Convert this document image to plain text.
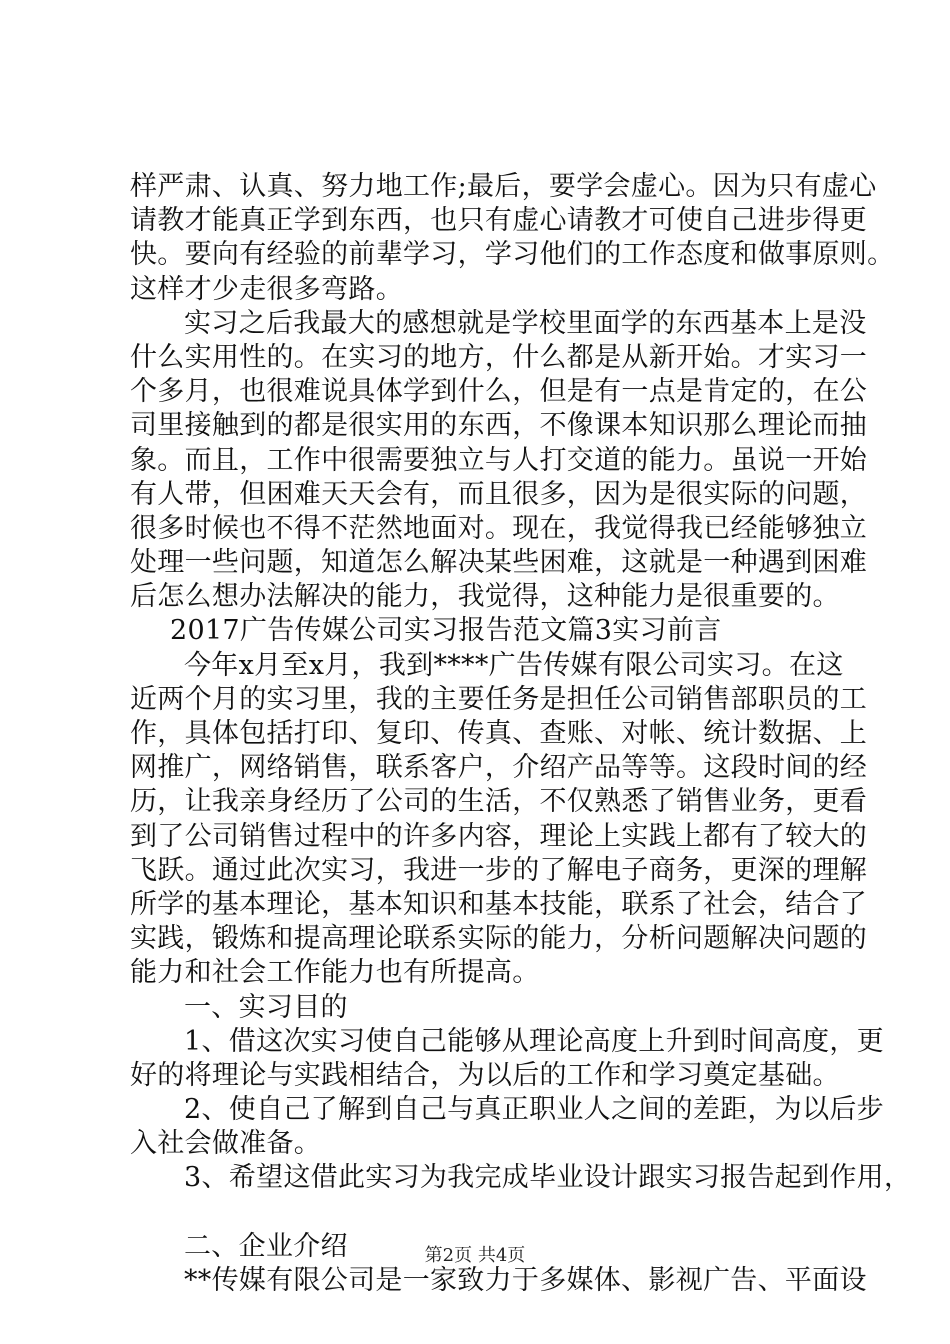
样严肃、认真、努力地工作;最后，要学会虚心。因为只有虚心
请教才能真正学到东西，也只有虚心请教才可使自己进步得更
快。要向有经验的前辈学习，学习他们的工作态度和做事原则。
这样才少走很多弯路。
实习之后我最大的感想就是学校里面学的东西基本上是没
什么实用性的。在实习的地方，什么都是从新开始。才实习一
个多月，也很难说具体学到什么，但是有一点是肯定的，在公
司里接触到的都是很实用的东西，不像课本知识那么理论而抽
象。而且，工作中很需要独立与人打交道的能力。虽说一开始
有人带，但困难天天会有，而且很多，因为是很实际的问题，
很多时候也不得不茫然地面对。现在，我觉得我已经能够独立
处理一些问题，知道怎么解决某些困难，这就是一种遇到困难
后怎么想办法解决的能力，我觉得，这种能力是很重要的。
2017广告传媒公司实习报告范文篇3实习前言
今年x月至x月，我到****广告传媒有限公司实习。在这
近两个月的实习里，我的主要任务是担任公司销售部职员的工
作，具体包括打印、复印、传真、查账、对帐、统计数据、上
网推广，网络销售，联系客户，介绍产品等等。这段时间的经
历，让我亲身经历了公司的生活，不仅熟悉了销售业务，更看
到了公司销售过程中的许多内容，理论上实践上都有了较大的
飞跃。通过此次实习，我进一步的了解电子商务，更深的理解
所学的基本理论，基本知识和基本技能，联系了社会，结合了
实践，锻炼和提高理论联系实际的能力，分析问题解决问题的
能力和社会工作能力也有所提高。
一、实习目的
1、借这次实习使自己能够从理论高度上升到时间高度，更
好的将理论与实践相结合，为以后的工作和学习奠定基础。
2、使自己了解到自己与真正职业人之间的差距，为以后步
入社会做准备。
3、希望这借此实习为我完成毕业设计跟实习报告起到作用，
二、企业介绍
**传媒有限公司是一家致力于多媒体、影视广告、平面设
第2页 共4页
